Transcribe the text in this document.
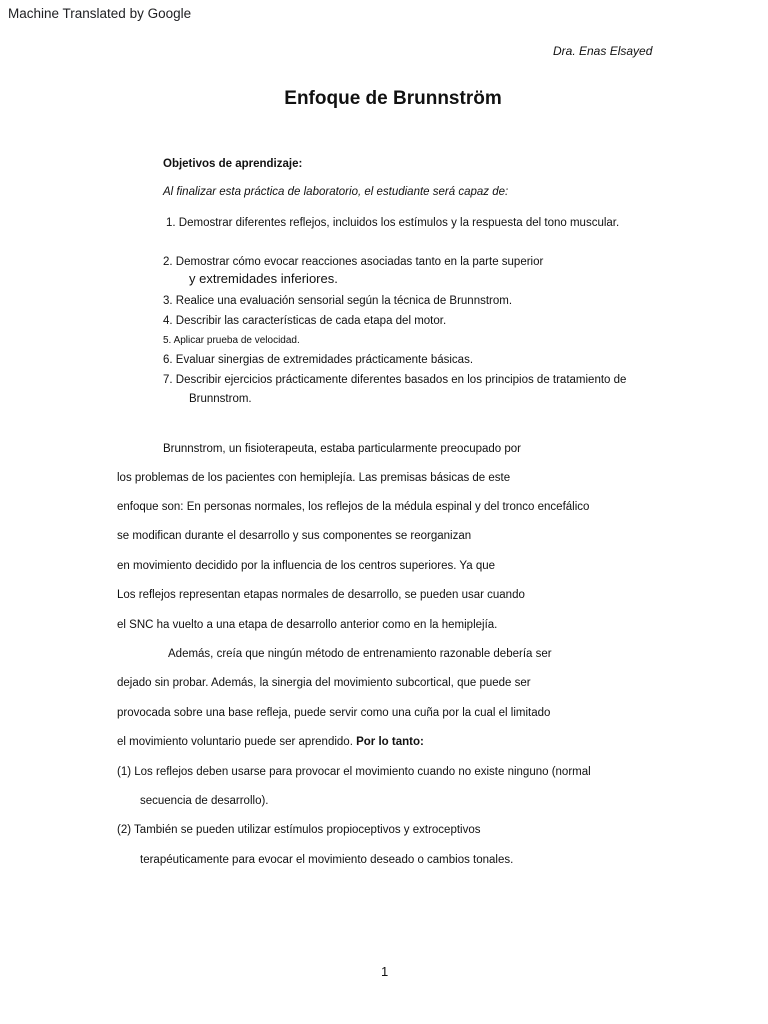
Machine Translated by Google
Dra. Enas Elsayed
Enfoque de Brunnström
Objetivos de aprendizaje:
Al finalizar esta práctica de laboratorio, el estudiante será capaz de:
1. Demostrar diferentes reflejos, incluidos los estímulos y la respuesta del tono muscular.
2. Demostrar cómo evocar reacciones asociadas tanto en la parte superior
y extremidades inferiores.
3. Realice una evaluación sensorial según la técnica de Brunnstrom.
4. Describir las características de cada etapa del motor.
5. Aplicar prueba de velocidad.
6. Evaluar sinergias de extremidades prácticamente básicas.
7. Describir ejercicios prácticamente diferentes basados en los principios de tratamiento de
Brunnstrom.
Brunnstrom, un fisioterapeuta, estaba particularmente preocupado por
los problemas de los pacientes con hemiplejía. Las premisas básicas de este
enfoque son: En personas normales, los reflejos de la médula espinal y del tronco encefálico
se modifican durante el desarrollo y sus componentes se reorganizan
en movimiento decidido por la influencia de los centros superiores. Ya que
Los reflejos representan etapas normales de desarrollo, se pueden usar cuando
el SNC ha vuelto a una etapa de desarrollo anterior como en la hemiplejía.
Además, creía que ningún método de entrenamiento razonable debería ser
dejado sin probar. Además, la sinergia del movimiento subcortical, que puede ser
provocada sobre una base refleja, puede servir como una cuña por la cual el limitado
el movimiento voluntario puede ser aprendido. Por lo tanto:
(1) Los reflejos deben usarse para provocar el movimiento cuando no existe ninguno (normal
secuencia de desarrollo).
(2) También se pueden utilizar estímulos propioceptivos y extroceptivos
terapéuticamente para evocar el movimiento deseado o cambios tonales.
1
